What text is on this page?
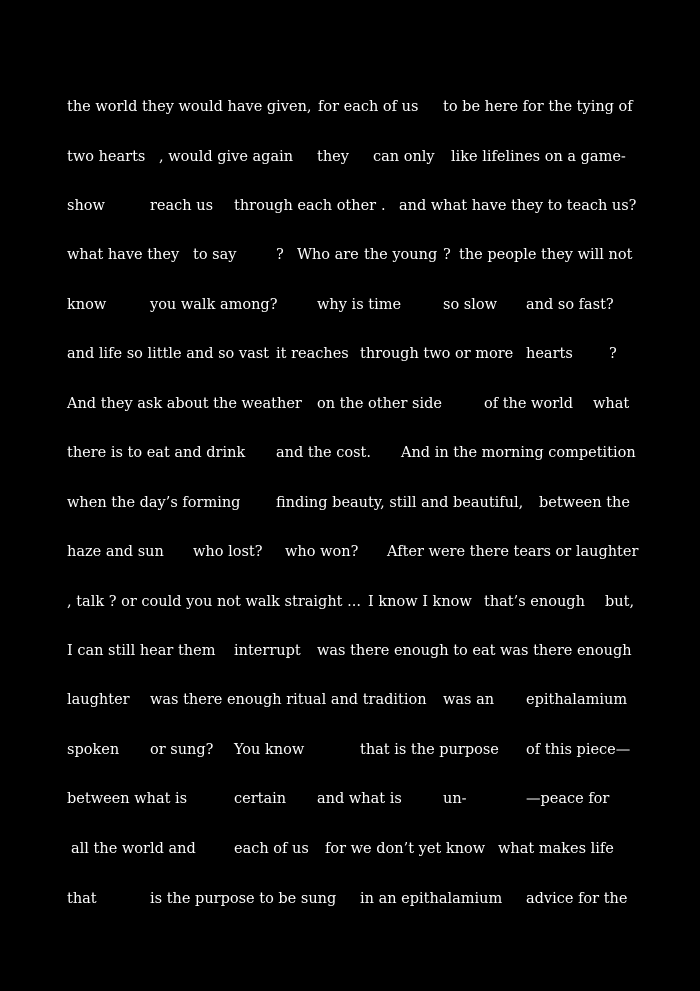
the world they would have given, for each of us to be here for the tying of
two hearts , would give again they can only like lifelines on a game-
show	reach us through each other . and what have they to teach us?
what have they to say	? Who are the young ? the people they will not
know	you walk among?	why is time	so slow and so fast?
and life so little and so vast it reaches through two or more hearts ?
And they ask about the weather on the other side	of the world what
there is to eat and drink and the cost. And in the morning competition
when the day’s forming finding beauty, still and beautiful, between the
haze and sun who lost? who won? After were there tears or laughter
, talk ? or could you not walk straight ... I know I know that’s enough but,
I can still hear them interrupt was there enough to eat was there enough
laughter was there enough ritual and tradition was an epithalamium
spoken or sung? You know	that is the purpose of this piece—
between what is	certain and what is	un-	—peace for
all the world and	each of us for we don’t yet know what makes life
that	is the purpose to be sung in an epithalamium advice for the
